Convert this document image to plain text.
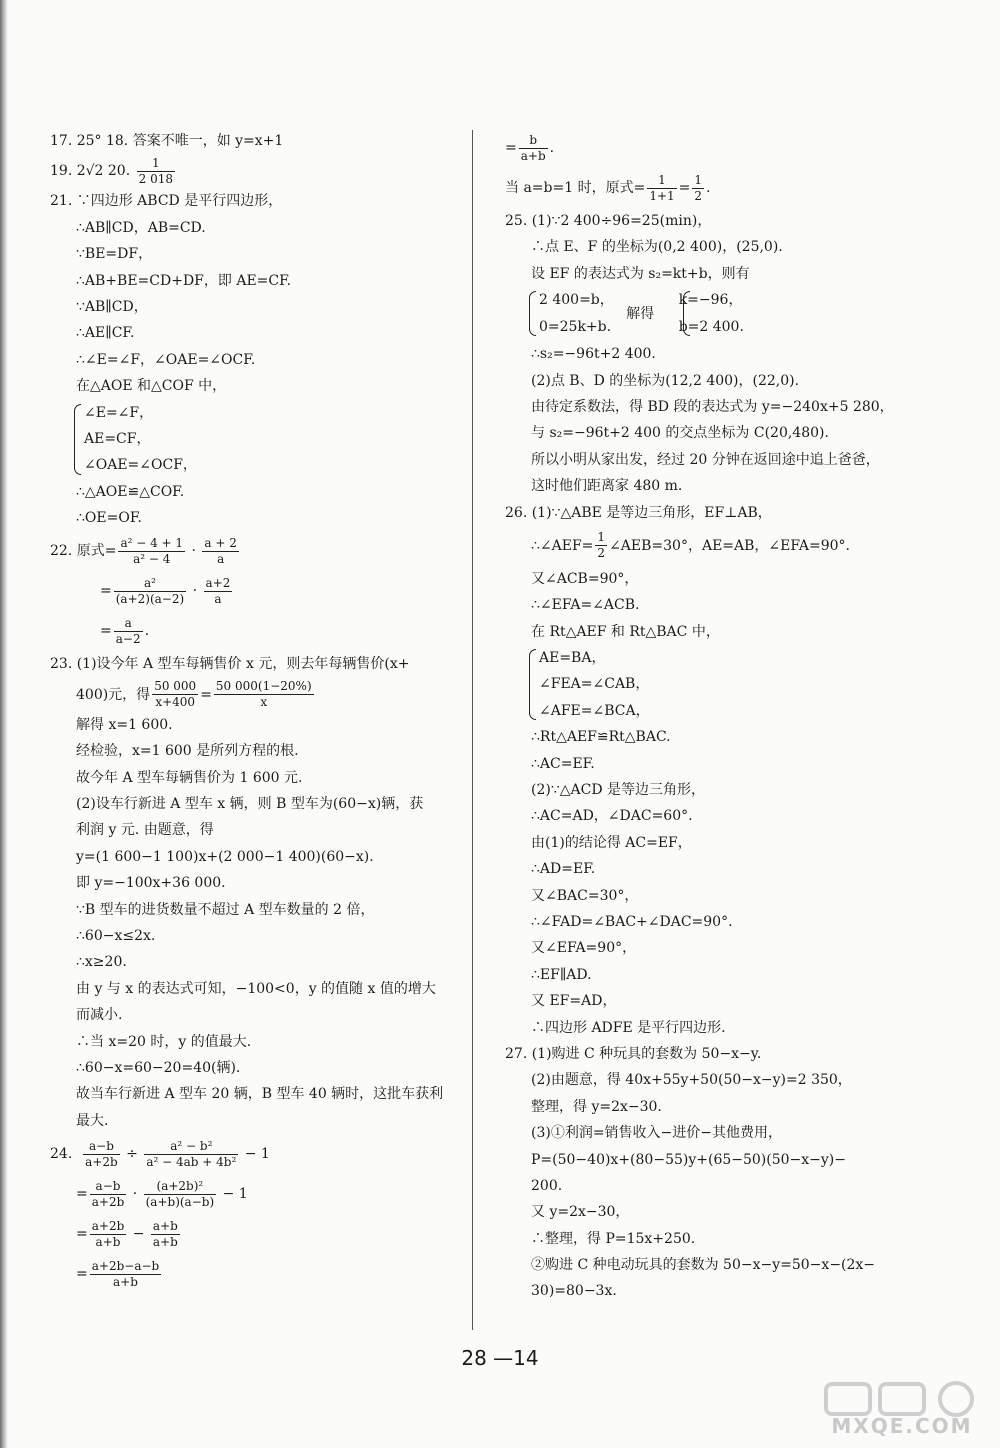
17. 25° 18. 答案不唯一，如 y=x+1
19. 2√2 20. $\frac{1}{2 018}$
21. ∵四边形 ABCD 是平行四边形，
∴AB∥CD，AB=CD.
∵BE=DF，
∴AB+BE=CD+DF，即 AE=CF.
∵AB∥CD，
∴AE∥CF.
∴∠E=∠F，∠OAE=∠OCF.
在△AOE 和△COF 中，
∠E=∠F，
AE=CF，
∠OAE=∠OCF，
∴△AOE≌△COF.
∴OE=OF.
22. 原式= $\frac{\text{a² − 4 + 1}}{\text{a² − 4}} \cdot \frac{a + 2}{a}$
= $\frac{\text{a²}}{(a+2)(a-2)} \cdot \frac{a+2}{a}$
= $\frac{a}{a-2}$ .
23. (1)设今年 A 型车每辆售价 x 元，则去年每辆售价(x+
400)元，得 $\frac{50 000}{x+400} = \frac{50 000(1-20\%)}{x}$
解得 x=1 600.
经检验，x=1 600 是所列方程的根.
故今年 A 型车每辆售价为 1 600 元.
(2)设车行新进 A 型车 x 辆，则 B 型车为(60−x)辆，获
利润 y 元. 由题意，得
y=(1 600−1 100)x+(2 000−1 400)(60−x).
即 y=−100x+36 000.
∵B 型车的进货数量不超过 A 型车数量的 2 倍，
∴60−x≤2x.
∴x≥20.
由 y 与 x 的表达式可知，−100<0，y 的值随 x 值的增大
而减小.
∴当 x=20 时，y 的值最大.
∴60−x=60−20=40(辆).
故当车行新进 A 型车 20 辆，B 型车 40 辆时，这批车获利
最大.
24. $\frac{a-b}{a+2b} \div \frac{\text{a² − b²}}{\text{a² − 4ab + 4b²}} - 1$
= $\frac{a-b}{a+2b} \cdot \frac{\text{(a+2b)²}}{(a+b)(a-b)} - 1$
= $\frac{a+2b}{a+b} - \frac{a+b}{a+b}$
= $\frac{a+2b-a-b}{a+b}$
= $\frac{b}{a+b}$ .
当 a=b=1 时，原式= $\frac{1}{1+1} = \frac{1}{2}$ .
25. (1)∵2 400÷96=25(min)，
∴点 E、F 的坐标为(0,2 400)，(25,0).
设 EF 的表达式为 s₂=kt+b，则有
2 400=b，
0=25k+b.
解得
k=−96，
b=2 400.
∴s₂=−96t+2 400.
(2)点 B、D 的坐标为(12,2 400)，(22,0).
由待定系数法，得 BD 段的表达式为 y=−240x+5 280，
与 s₂=−96t+2 400 的交点坐标为 C(20,480).
所以小明从家出发，经过 20 分钟在返回途中追上爸爸，
这时他们距离家 480 m.
26. (1)∵△ABE 是等边三角形，EF⊥AB，
∴∠AEF= $\frac{1}{2}$ ∠AEB=30°，AE=AB，∠EFA=90°.
又∠ACB=90°，
∴∠EFA=∠ACB.
在 Rt△AEF 和 Rt△BAC 中，
AE=BA，
∠FEA=∠CAB，
∠AFE=∠BCA，
∴Rt△AEF≌Rt△BAC.
∴AC=EF.
(2)∵△ACD 是等边三角形，
∴AC=AD，∠DAC=60°.
由(1)的结论得 AC=EF，
∴AD=EF.
又∠BAC=30°，
∴∠FAD=∠BAC+∠DAC=90°.
又∠EFA=90°，
∴EF∥AD.
又 EF=AD，
∴四边形 ADFE 是平行四边形.
27. (1)购进 C 种玩具的套数为 50−x−y.
(2)由题意，得 40x+55y+50(50−x−y)=2 350，
整理，得 y=2x−30.
(3)①利润=销售收入−进价−其他费用，
P=(50−40)x+(80−55)y+(65−50)(50−x−y)−
200.
又 y=2x−30，
∴整理，得 P=15x+250.
②购进 C 种电动玩具的套数为 50−x−y=50−x−(2x−
30)=80−3x.
28 —14
MXQE.COM
